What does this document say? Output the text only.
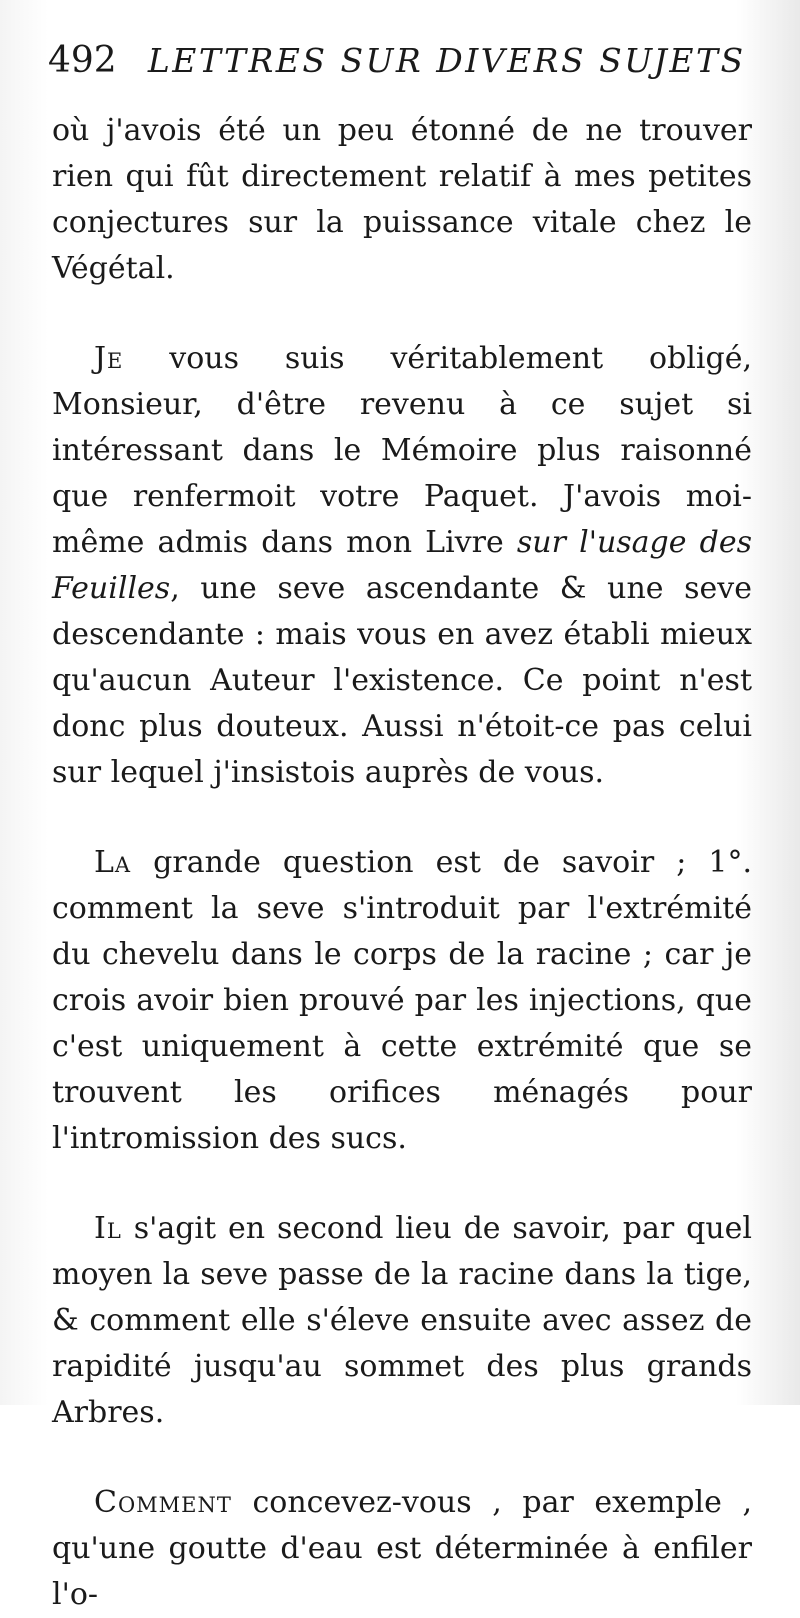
492 LETTRES SUR DIVERS SUJETS

où j'avois été un peu étonné de ne trouver rien qui fût directement relatif à mes petites conjectures sur la puissance vitale chez le Végétal.

Je vous suis véritablement obligé, Monsieur, d'être revenu à ce sujet si intéressant dans le Mémoire plus raisonné que renfermoit votre Paquet. J'avois moi-même admis dans mon Livre sur l'usage des Feuilles, une seve ascendante & une seve descendante : mais vous en avez établi mieux qu'aucun Auteur l'existence. Ce point n'est donc plus douteux. Aussi n'étoit-ce pas celui sur lequel j'insistois auprès de vous.

La grande question est de savoir ; 1°. comment la seve s'introduit par l'extrémité du chevelu dans le corps de la racine ; car je crois avoir bien prouvé par les injections, que c'est uniquement à cette extrémité que se trouvent les orifices ménagés pour l'intromission des sucs.

Il s'agit en second lieu de savoir, par quel moyen la seve passe de la racine dans la tige, & comment elle s'éleve ensuite avec assez de rapidité jusqu'au sommet des plus grands Arbres.

Comment concevez-vous , par exemple , qu'une goutte d'eau est déterminée à enfiler l'o-
